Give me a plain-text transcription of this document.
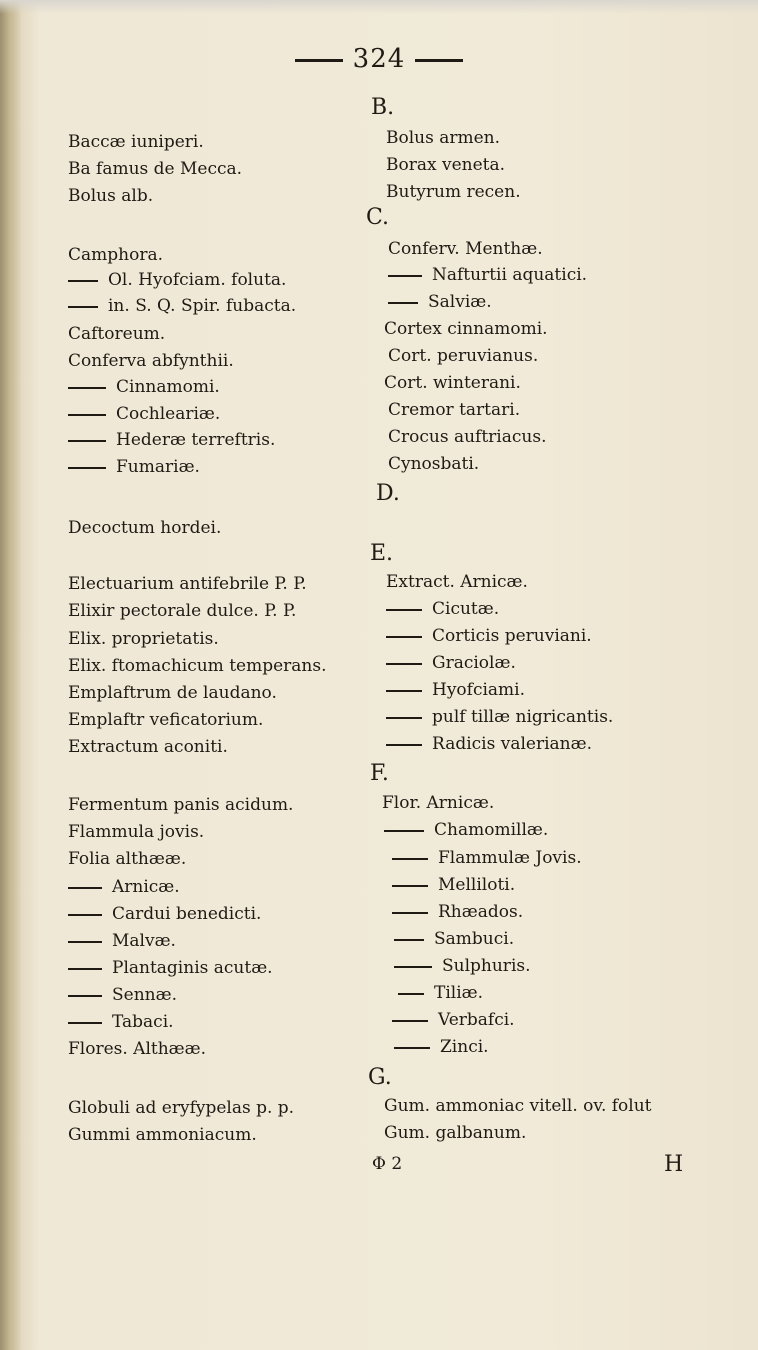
324
B.
C.
D.
E.
F.
G.
Baccæ iuniperi.
Ba famus de Mecca.
Bolus alb.
Camphora.
Ol. Hyofciam. foluta.
in. S. Q. Spir. fubacta.
Caftoreum.
Conferva abfynthii.
Cinnamomi.
Cochleariæ.
Hederæ terreftris.
Fumariæ.
Decoctum hordei.
Electuarium antifebrile P. P.
Elixir pectorale dulce. P. P.
Elix. proprietatis.
Elix. ftomachicum temperans.
Emplaftrum de laudano.
Emplaftr veficatorium.
Extractum aconiti.
Fermentum panis acidum.
Flammula jovis.
Folia althææ.
Arnicæ.
Cardui benedicti.
Malvæ.
Plantaginis acutæ.
Sennæ.
Tabaci.
Flores. Althææ.
Globuli ad eryfypelas p. p.
Gummi ammoniacum.
Bolus armen.
Borax veneta.
Butyrum recen.
Conferv. Menthæ.
Nafturtii aquatici.
Salviæ.
Cortex cinnamomi.
Cort. peruvianus.
Cort. winterani.
Cremor tartari.
Crocus auftriacus.
Cynosbati.
Extract. Arnicæ.
Cicutæ.
Corticis peruviani.
Graciolæ.
Hyofciami.
pulf tillæ nigricantis.
Radicis valerianæ.
Flor. Arnicæ.
Chamomillæ.
Flammulæ Jovis.
Melliloti.
Rhæados.
Sambuci.
Sulphuris.
Tiliæ.
Verbafci.
Zinci.
Gum. ammoniac vitell. ov. folut
Gum. galbanum.
Φ 2	H
